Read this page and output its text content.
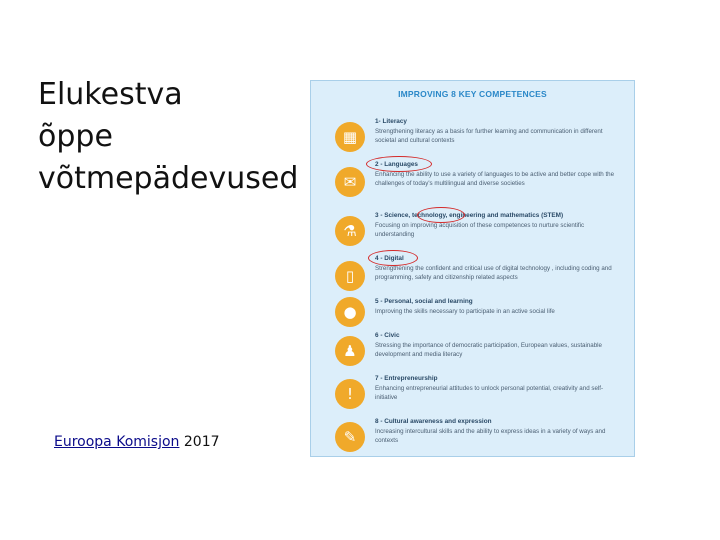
Elukestva
õppe
võtmepädevused
Euroopa Komisjon 2017
IMPROVING 8 KEY COMPETENCES
▦
1- Literacy
Strengthening literacy as a basis for further learning and communication in different societal and cultural contexts
✉
2 - Languages
Enhancing the ability to use a variety of languages to be active and better cope with the challenges of today's multilingual and diverse societies
⚗
3 - Science, technology, engineering and mathematics (STEM)
Focusing on improving acquisition of these competences to nurture scientific understanding
▯
4 - Digital
Strengthening the confident and critical use of digital technology , including coding and programming, safety and citizenship related aspects
●
5 - Personal, social and learning
Improving the skills necessary to participate in an active social life
♟
6 - Civic
Stressing the importance of democratic participation, European values, sustainable development and media literacy
!
7 - Entrepreneurship
Enhancing entrepreneurial attitudes to unlock personal potential, creativity and self-initiative
✎
8 - Cultural awareness and expression
Increasing intercultural skills and the ability to express ideas in a variety of ways and contexts
